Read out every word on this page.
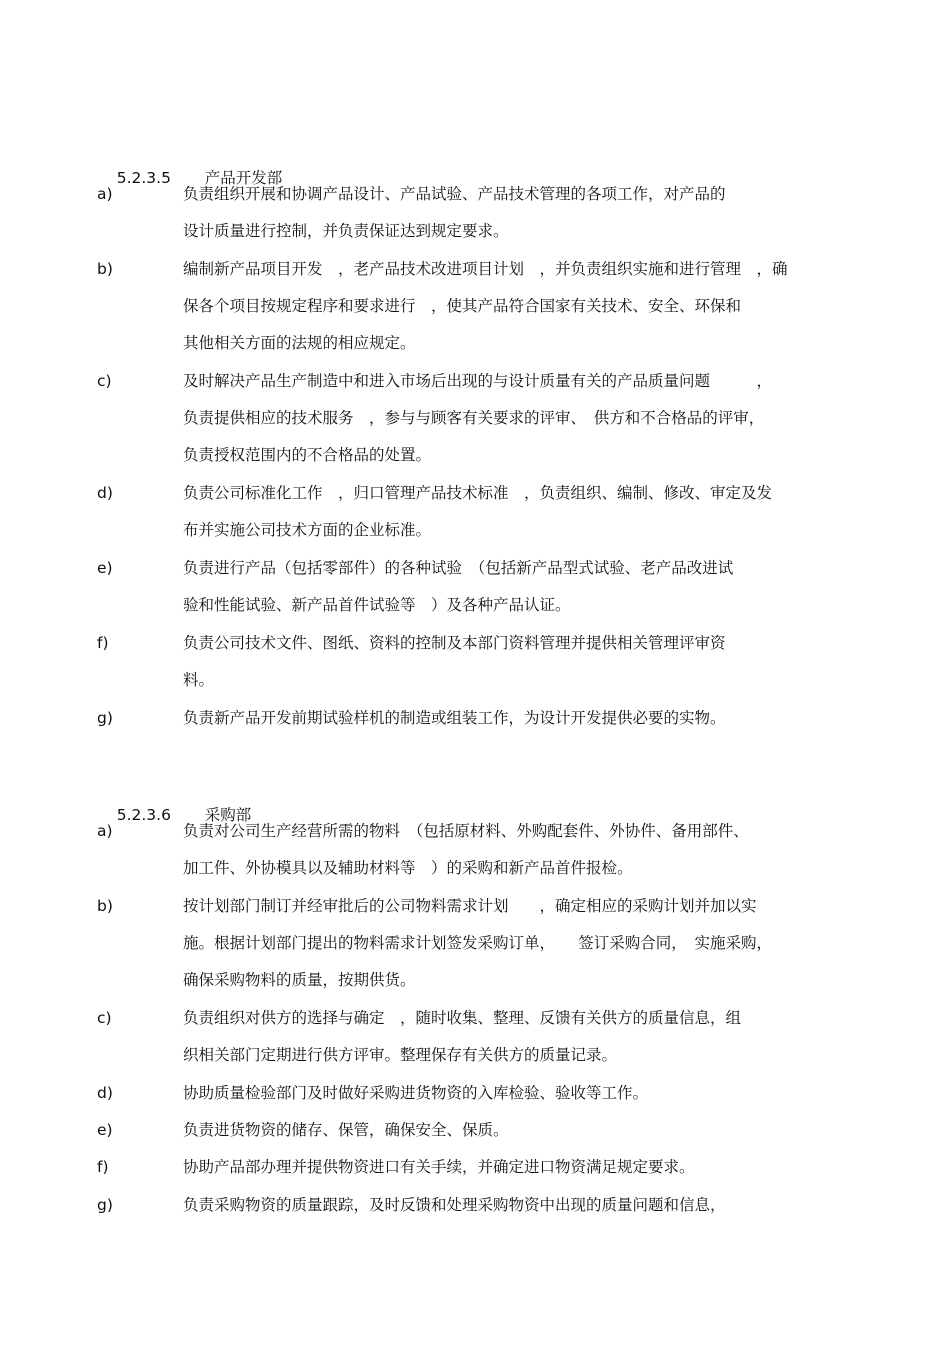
5.2.3.5 产品开发部

a)	负责组织开展和协调产品设计、产品试验、产品技术管理的各项工作，对产品的
设计质量进行控制，并负责保证达到规定要求。
b)	编制新产品项目开发　，老产品技术改进项目计划　，并负责组织实施和进行管理　，确
保各个项目按规定程序和要求进行　，使其产品符合国家有关技术、安全、环保和
其他相关方面的法规的相应规定。
c)	及时解决产品生产制造中和进入市场后出现的与设计质量有关的产品质量问题　　　，
负责提供相应的技术服务　，参与与顾客有关要求的评审、　供方和不合格品的评审，
负责授权范围内的不合格品的处置。
d)	负责公司标准化工作　，归口管理产品技术标准　，负责组织、编制、修改、审定及发
布并实施公司技术方面的企业标准。
e)	负责进行产品（包括零部件）的各种试验　（包括新产品型式试验、老产品改进试
验和性能试验、新产品首件试验等　）及各种产品认证。
f)	负责公司技术文件、图纸、资料的控制及本部门资料管理并提供相关管理评审资
料。
g)	负责新产品开发前期试验样机的制造或组装工作，为设计开发提供必要的实物。

5.2.3.6 采购部

a)	负责对公司生产经营所需的物料　（包括原材料、外购配套件、外协件、备用部件、
加工件、外协模具以及辅助材料等　）的采购和新产品首件报检。
b)	按计划部门制订并经审批后的公司物料需求计划　　，确定相应的采购计划并加以实
施。根据计划部门提出的物料需求计划签发采购订单，　　签订采购合同，　实施采购，
确保采购物料的质量，按期供货。
c)	负责组织对供方的选择与确定　，随时收集、整理、反馈有关供方的质量信息，组
织相关部门定期进行供方评审。整理保存有关供方的质量记录。
d)	协助质量检验部门及时做好采购进货物资的入库检验、验收等工作。
e)	负责进货物资的储存、保管，确保安全、保质。
f)	协助产品部办理并提供物资进口有关手续，并确定进口物资满足规定要求。
g)	负责采购物资的质量跟踪，及时反馈和处理采购物资中出现的质量问题和信息，
